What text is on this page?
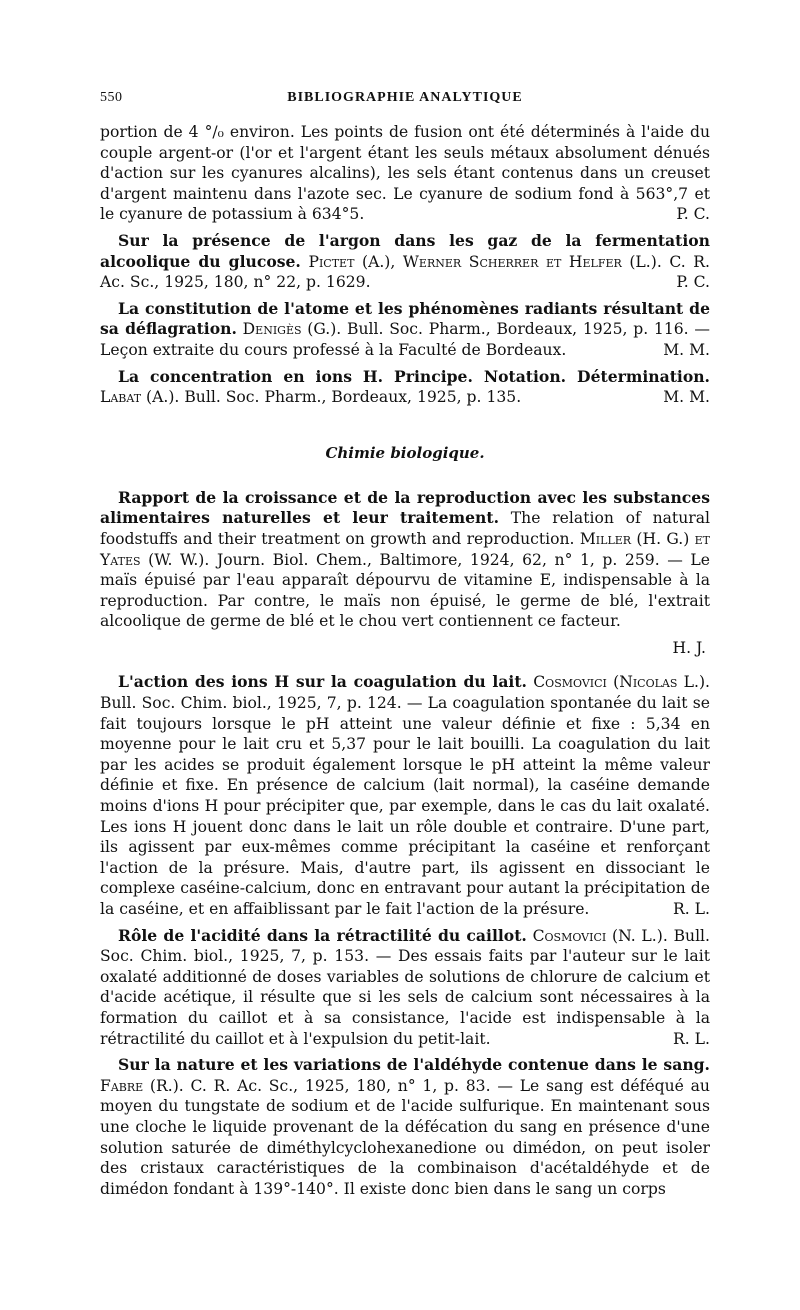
550	BIBLIOGRAPHIE ANALYTIQUE

portion de 4 °/₀ environ. Les points de fusion ont été déterminés à l'aide du couple argent-or (l'or et l'argent étant les seuls métaux absolument dénués d'action sur les cyanures alcalins), les sels étant contenus dans un creuset d'argent maintenu dans l'azote sec. Le cyanure de sodium fond à 563°,7 et le cyanure de potassium à 634°5.	P. C.

Sur la présence de l'argon dans les gaz de la fermentation alcoolique du glucose. Pictet (A.), Werner Scherrer et Helfer (L.). C. R. Ac. Sc., 1925, 180, n° 22, p. 1629.	P. C.

La constitution de l'atome et les phénomènes radiants résultant de sa déflagration. Denigès (G.). Bull. Soc. Pharm., Bordeaux, 1925, p. 116. — Leçon extraite du cours professé à la Faculté de Bordeaux.	M. M.

La concentration en ions H. Principe. Notation. Détermination. Labat (A.). Bull. Soc. Pharm., Bordeaux, 1925, p. 135.	M. M.

Chimie biologique.

Rapport de la croissance et de la reproduction avec les substances alimentaires naturelles et leur traitement. The relation of natural foodstuffs and their treatment on growth and reproduction. Miller (H. G.) et Yates (W. W.). Journ. Biol. Chem., Baltimore, 1924, 62, n° 1, p. 259. — Le maïs épuisé par l'eau apparaît dépourvu de vitamine E, indispensable à la reproduction. Par contre, le maïs non épuisé, le germe de blé, l'extrait alcoolique de germe de blé et le chou vert contiennent ce facteur.

H. J.

L'action des ions H sur la coagulation du lait. Cosmovici (Nicolas L.). Bull. Soc. Chim. biol., 1925, 7, p. 124. — La coagulation spontanée du lait se fait toujours lorsque le pH atteint une valeur définie et fixe : 5,34 en moyenne pour le lait cru et 5,37 pour le lait bouilli. La coagulation du lait par les acides se produit également lorsque le pH atteint la même valeur définie et fixe. En présence de calcium (lait normal), la caséine demande moins d'ions H pour précipiter que, par exemple, dans le cas du lait oxalaté. Les ions H jouent donc dans le lait un rôle double et contraire. D'une part, ils agissent par eux-mêmes comme précipitant la caséine et renforçant l'action de la présure. Mais, d'autre part, ils agissent en dissociant le complexe caséine-calcium, donc en entravant pour autant la précipitation de la caséine, et en affaiblissant par le fait l'action de la présure.	R. L.

Rôle de l'acidité dans la rétractilité du caillot. Cosmovici (N. L.). Bull. Soc. Chim. biol., 1925, 7, p. 153. — Des essais faits par l'auteur sur le lait oxalaté additionné de doses variables de solutions de chlorure de calcium et d'acide acétique, il résulte que si les sels de calcium sont nécessaires à la formation du caillot et à sa consistance, l'acide est indispensable à la rétractilité du caillot et à l'expulsion du petit-lait.	R. L.

Sur la nature et les variations de l'aldéhyde contenue dans le sang. Fabre (R.). C. R. Ac. Sc., 1925, 180, n° 1, p. 83. — Le sang est déféqué au moyen du tungstate de sodium et de l'acide sulfurique. En maintenant sous une cloche le liquide provenant de la défécation du sang en présence d'une solution saturée de diméthylcyclohexanedione ou dimédon, on peut isoler des cristaux caractéristiques de la combinaison d'acétaldéhyde et de dimédon fondant à 139°-140°. Il existe donc bien dans le sang un corps
